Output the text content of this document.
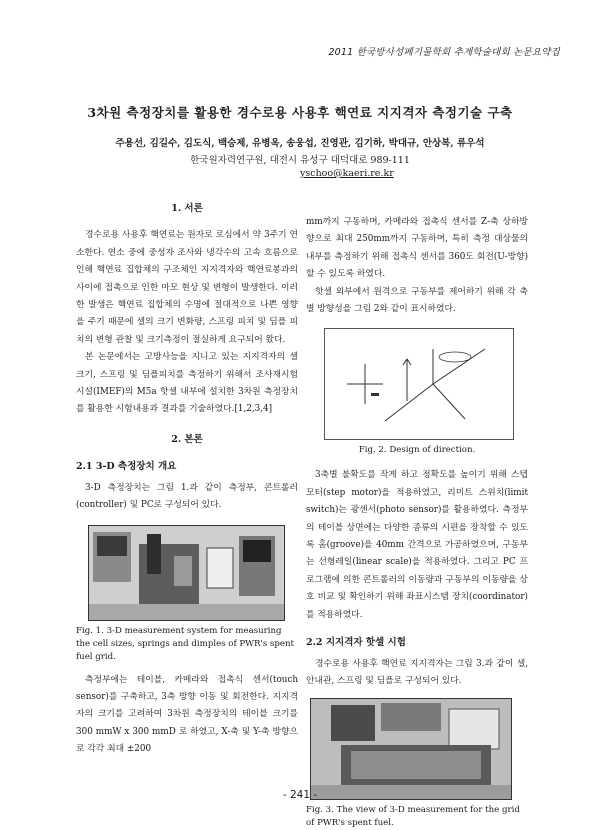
2011 한국방사성폐기물학회 추계학술대회 논문요약집
3차원 측정장치를 활용한 경수로용 사용후 핵연료 지지격자 측정기술 구축
주용선, 김길수, 김도식, 백승제, 유병옥, 송웅섭, 진영관, 김기하, 박대규, 안상복, 류우석
한국원자력연구원, 대전시 유성구 대덕대로 989-111
yschoo@kaeri.re.kr
1. 서론

경수로용 사용후 핵연료는 원자로 로심에서 약 3주기 연소한다. 연소 중에 중성자 조사와 냉각수의 고속 흐름으로 인해 핵연료 집합체의 구조체인 지지격자와 핵연료봉과의 사이에 접촉으로 인한 마모 현상 및 변형이 발생한다. 이러한 발생은 핵연료 집합체의 수명에 절대적으로 나쁜 영향을 주기 때문에 셀의 크기 변화량, 스프링 피치 및 딤플 피치의 변형 관찰 및 크기측정이 절실하게 요구되어 왔다.

본 논문에서는 고방사능을 지니고 있는 지지격자의 셀 크기, 스프링 및 딤플피치를 측정하기 위해서 조사재시험시설(IMEF)의 M5a 핫셀 내부에 설치한 3차원 측정장치를 활용한 시험내용과 결과를 기술하였다.[1,2,3,4]

2. 본론
2.1 3-D 측정장치 개요

3-D 측정장치는 그림 1.과 같이 측정부, 콘트롤러(controller) 및 PC로 구성되어 있다.

Fig. 1. 3-D measurement system for measuring the cell sizes, springs and dimples of PWR's spent fuel grid.

측정부에는 테이블, 카메라와 접촉식 센서(touch sensor)를 구축하고, 3축 방향 이동 및 회전한다. 지지격자의 크기를 고려하여 3차원 측정장치의 테이블 크기를 300 mmW x 300 mmD 로 하였고, X-축 및 Y-축 방향으로 각각 최대 ±200

mm까지 구동하며, 카메라와 접촉식 센서를 Z-축 상하방향으로 최대 250mm까지 구동하며, 특히 측정 대상물의 내부를 측정하기 위해 접촉식 센서를 360도 회전(U-방향)할 수 있도록 하였다.

핫셀 외부에서 원격으로 구동부를 제어하기 위해 각 축별 방향성을 그림 2와 같이 표시하였다.

Fig. 2. Design of direction.

3축별 불확도를 작게 하고 정확도를 높이기 위해 스텝 모터(step motor)을 적용하였고, 리미트 스위치(limit switch)는 광센서(photo sensor)를 활용하였다. 측정부의 테이블 상면에는 다양한 종류의 시편을 장착할 수 있도록 홈(groove)을 40mm 간격으로 가공하였으며, 구동부는 선형레일(linear scale)을 적용하였다. 그리고 PC 프로그램에 의한 콘트롤러의 이동량과 구동부의 이동량을 상호 비교 및 확인하기 위해 좌표시스템 장치(coordinator)를 적용하였다.

2.2 지지격자 핫셀 시험

경수로용 사용후 핵연료 지지격자는 그림 3.과 같이 셀, 안내관, 스프링 및 딤플로 구성되어 있다.

Fig. 3. The view of 3-D measurement for the grid of PWR's spent fuel.
- 241 -
